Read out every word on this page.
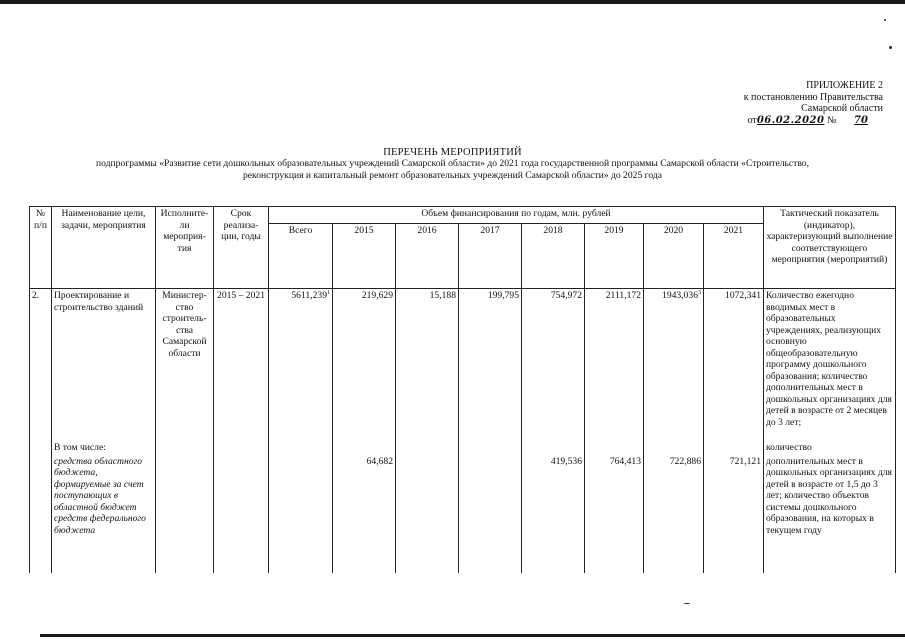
ПРИЛОЖЕНИЕ 2
к постановлению Правительства
Самарской области
от06.02.2020 № 70
ПЕРЕЧЕНЬ МЕРОПРИЯТИЙ
подпрограммы «Развитие сети дошкольных образовательных учреждений Самарской области» до 2021 года государственной программы Самарской области «Строительство,
реконструкция и капитальный ремонт образовательных учреждений Самарской области» до 2025 года
№ п/п	Наименование цели, задачи, мероприятия	Исполните-ли мероприя-тия	Срок реализа-ции, годы	Объем финансирования по годам, млн. рублей								Тактический показатель (индикатор), характеризующий выполнение соответствующего мероприятия (мероприятий)
				Всего	2015	2016	2017	2018	2019	2020	2021	
2.	Проектирование и строительство зданий	Министер-ство строитель-ства Самарской области	2015 – 2021	5611,239$^1$	219,629	15,188	199,795	754,972	2111,172	1943,036$^3$	1072,341	Количество ежегодно вводимых мест в образовательных учреждениях, реализующих основную общеобразовательную программу дошкольного образования; количество дополнительных мест в дошкольных организациях для детей в возрасте от 2 месяцев до 3 лет;
	В том числе:											количество
	средства областного бюджета, формируемые за счет поступающих в областной бюджет средств федерального бюджета				64,682			419,536	764,413	722,886	721,121	дополнительных мест в дошкольных организациях для детей в возрасте от 1,5 до 3 лет; количество объектов системы дошкольного образования, на которых в текущем году
